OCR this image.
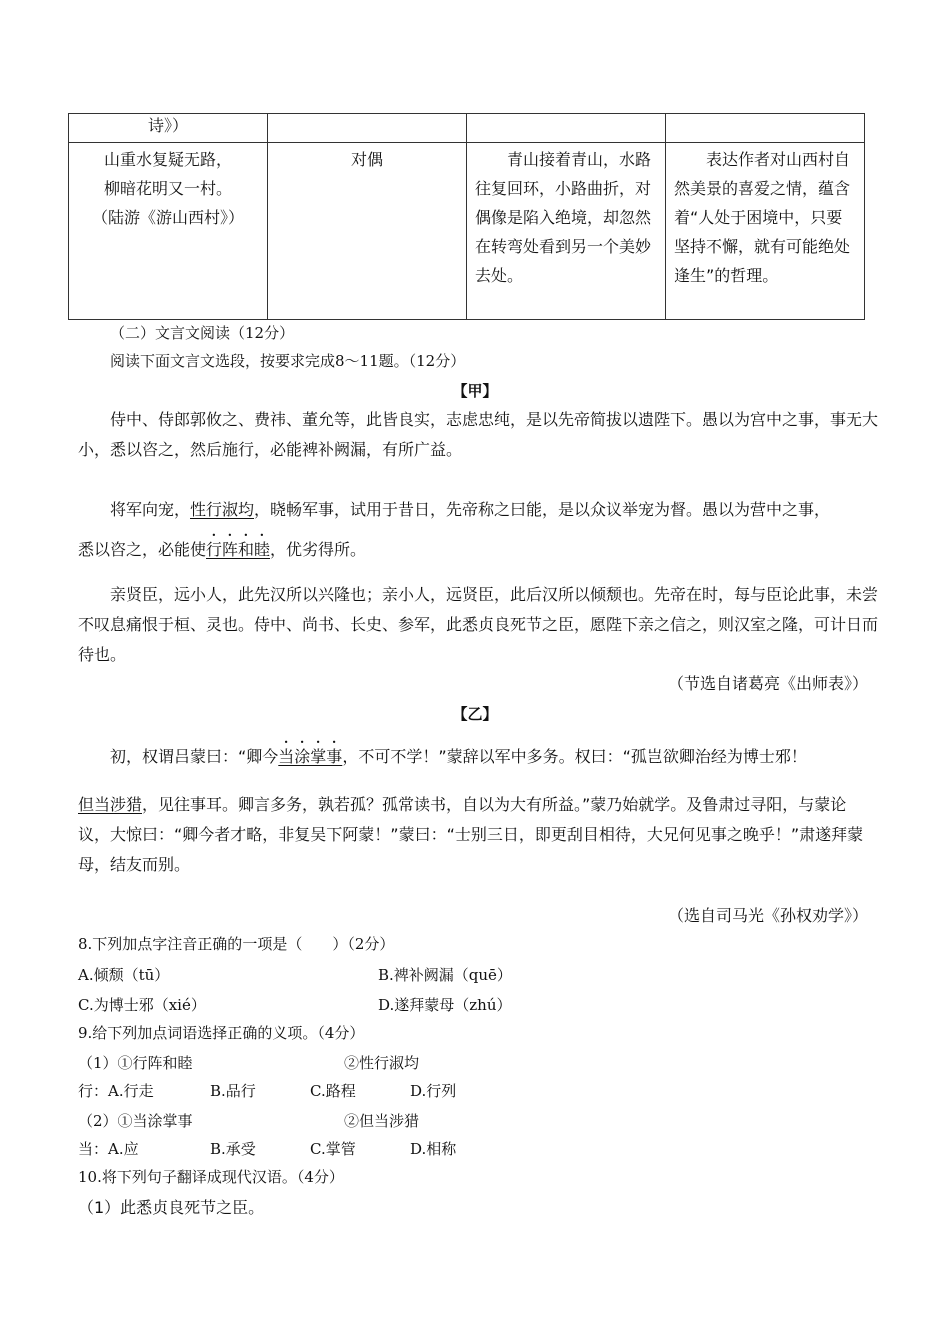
诗》）			

山重水复疑无路，
柳暗花明又一村。
（陆游《游山西村》）	对偶	青山接着青山，水路往复回环，小路曲折，对偶像是陷入绝境，却忽然在转弯处看到另一个美妙去处。	表达作者对山西村自然美景的喜爱之情，蕴含着“人处于困境中，只要坚持不懈，就有可能绝处逢生”的哲理。
（二）文言文阅读（12分）
阅读下面文言文选段，按要求完成8～11题。（12分）
【甲】
侍中、侍郎郭攸之、费祎、董允等，此皆良实，志虑忠纯，是以先帝简拔以遗陛下。愚以为宫中之事，事无大小，悉以咨之，然后施行，必能裨补阙漏，有所广益。
将军向宠，性行淑均，晓畅军事，试用于昔日，先帝称之曰能，是以众议举宠为督。愚以为营中之事，
悉以咨之，必能使行阵和睦，优劣得所。
亲贤臣，远小人，此先汉所以兴隆也；亲小人，远贤臣，此后汉所以倾颓也。先帝在时，每与臣论此事，未尝不叹息痛恨于桓、灵也。侍中、尚书、长史、参军，此悉贞良死节之臣，愿陛下亲之信之，则汉室之隆，可计日而待也。
（节选自诸葛亮《出师表》）
【乙】
初，权谓吕蒙曰：“卿今当涂掌事，不可不学！”蒙辞以军中多务。权曰：“孤岂欲卿治经为博士邪！
但当涉猎，见往事耳。卿言多务，孰若孤？孤常读书，自以为大有所益。”蒙乃始就学。及鲁肃过寻阳，与蒙论议，大惊曰：“卿今者才略，非复吴下阿蒙！”蒙曰：“士别三日，即更刮目相待，大兄何见事之晚乎！”肃遂拜蒙母，结友而别。
（选自司马光《孙权劝学》）
8.下列加点字注音正确的一项是（　　）（2分）
A.倾颓（tū）	B.裨补阙漏（quē）
C.为博士邪（xié）	D.遂拜蒙母（zhú）
9.给下列加点词语选择正确的义项。（4分）
（1）①行阵和睦	②性行淑均
行：A.行走	B.品行	C.路程	D.行列
（2）①当涂掌事	②但当涉猎
当：A.应	B.承受	C.掌管	D.相称
10.将下列句子翻译成现代汉语。（4分）
（1）此悉贞良死节之臣。
